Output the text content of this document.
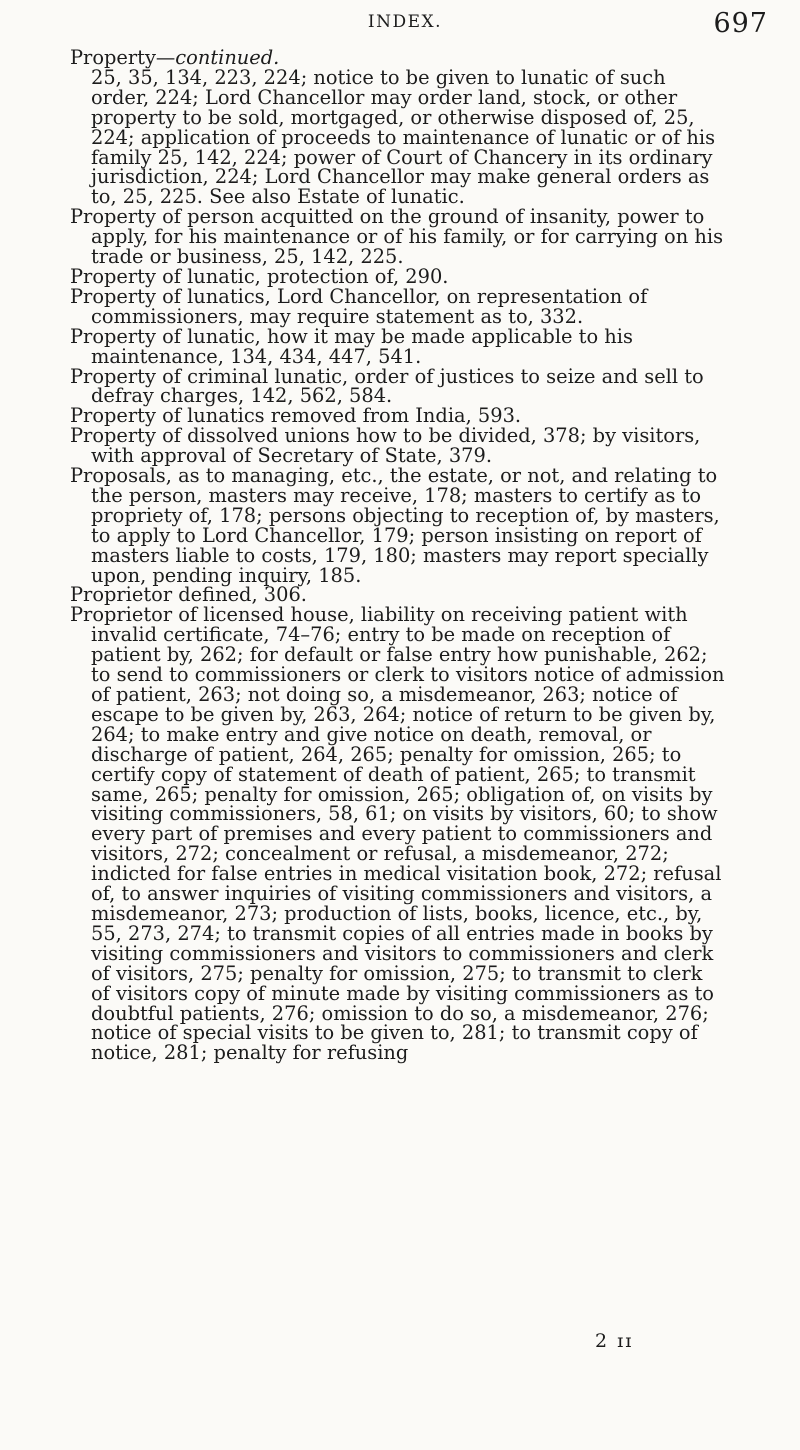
INDEX.	697

Property—continued.

25, 35, 134, 223, 224; notice to be given to lunatic of such order, 224; Lord Chancellor may order land, stock, or other property to be sold, mortgaged, or otherwise disposed of, 25, 224; application of proceeds to maintenance of lunatic or of his family 25, 142, 224; power of Court of Chancery in its ordinary jurisdiction, 224; Lord Chancellor may make general orders as to, 25, 225. See also Estate of lunatic.

Property of person acquitted on the ground of insanity, power to apply, for his maintenance or of his family, or for carrying on his trade or business, 25, 142, 225.

Property of lunatic, protection of, 290.

Property of lunatics, Lord Chancellor, on representation of commissioners, may require statement as to, 332.

Property of lunatic, how it may be made applicable to his maintenance, 134, 434, 447, 541.

Property of criminal lunatic, order of justices to seize and sell to defray charges, 142, 562, 584.

Property of lunatics removed from India, 593.

Property of dissolved unions how to be divided, 378; by visitors, with approval of Secretary of State, 379.

Proposals, as to managing, etc., the estate, or not, and relating to the person, masters may receive, 178; masters to certify as to propriety of, 178; persons objecting to reception of, by masters, to apply to Lord Chancellor, 179; person insisting on report of masters liable to costs, 179, 180; masters may report specially upon, pending inquiry, 185.

Proprietor defined, 306.

Proprietor of licensed house, liability on receiving patient with invalid certificate, 74–76; entry to be made on reception of patient by, 262; for default or false entry how punishable, 262; to send to commissioners or clerk to visitors notice of admission of patient, 263; not doing so, a misdemeanor, 263; notice of escape to be given by, 263, 264; notice of return to be given by, 264; to make entry and give notice on death, removal, or discharge of patient, 264, 265; penalty for omission, 265; to certify copy of statement of death of patient, 265; to transmit same, 265; penalty for omission, 265; obligation of, on visits by visiting commissioners, 58, 61; on visits by visitors, 60; to show every part of premises and every patient to commissioners and visitors, 272; concealment or refusal, a misdemeanor, 272; indicted for false entries in medical visitation book, 272; refusal of, to answer inquiries of visiting commissioners and visitors, a misdemeanor, 273; production of lists, books, licence, etc., by, 55, 273, 274; to transmit copies of all entries made in books by visiting commissioners and visitors to commissioners and clerk of visitors, 275; penalty for omission, 275; to transmit to clerk of visitors copy of minute made by visiting commissioners as to doubtful patients, 276; omission to do so, a misdemeanor, 276; notice of special visits to be given to, 281; to transmit copy of notice, 281; penalty for refusing

2 ɪɪ
